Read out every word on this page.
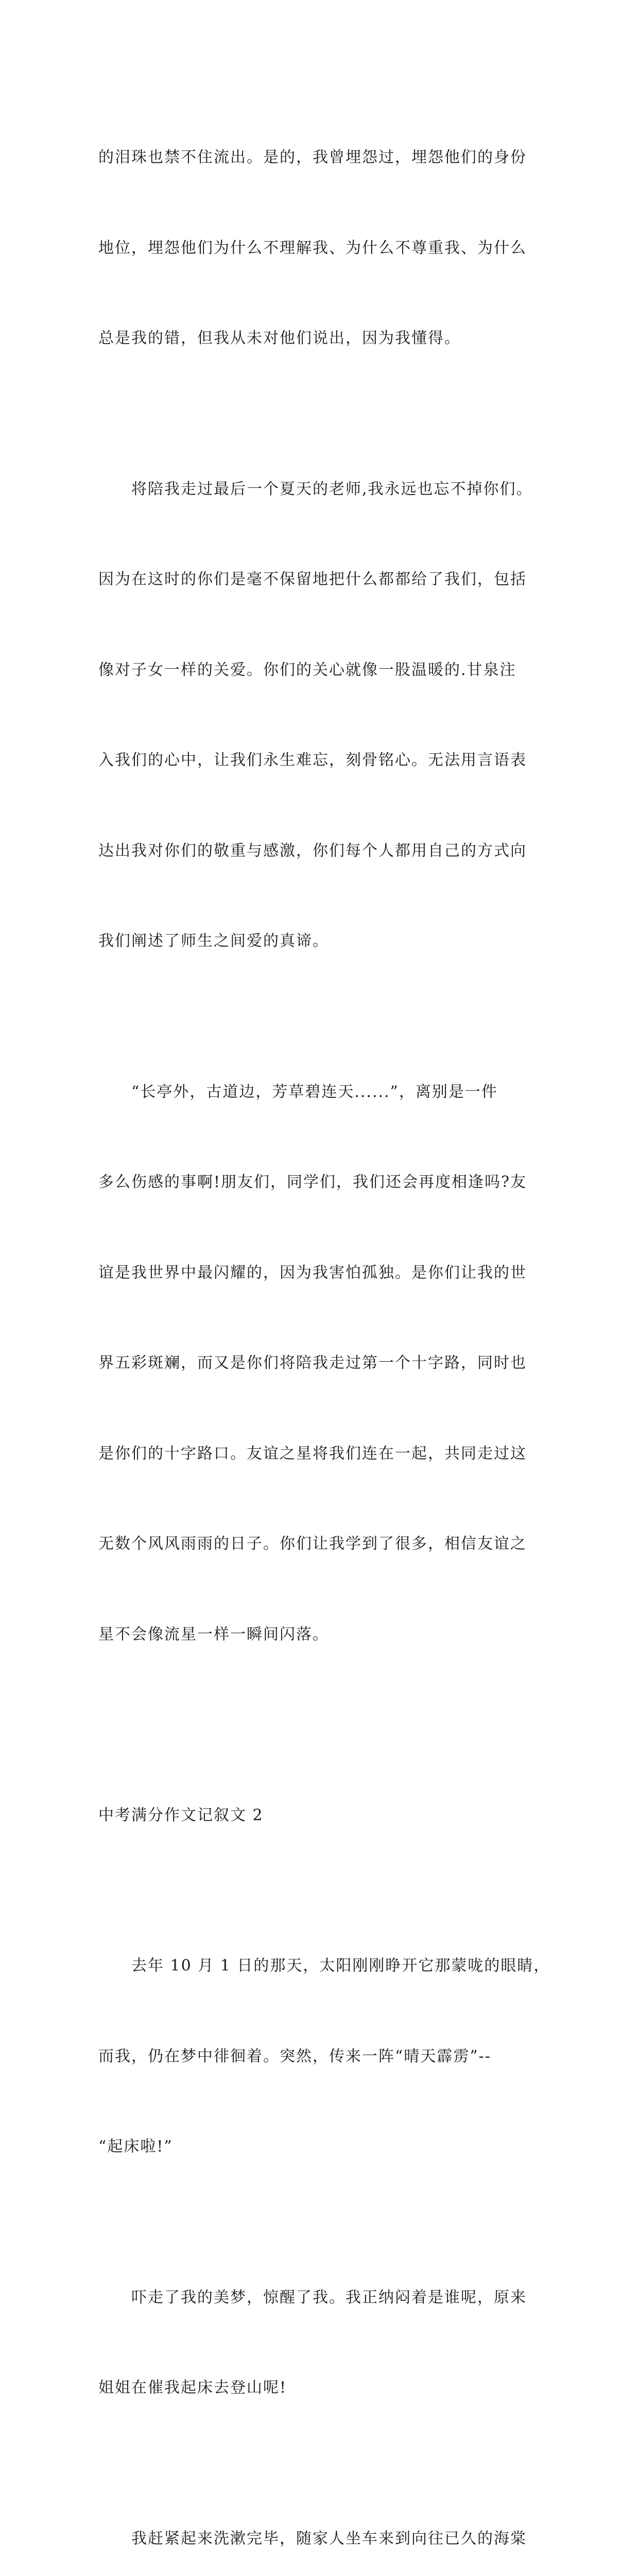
的泪珠也禁不住流出。是的，我曾埋怨过，埋怨他们的身份

地位，埋怨他们为什么不理解我、为什么不尊重我、为什么

总是我的错，但我从未对他们说出，因为我懂得。

　　将陪我走过最后一个夏天的老师,我永远也忘不掉你们。

因为在这时的你们是毫不保留地把什么都都给了我们，包括

像对子女一样的关爱。你们的关心就像一股温暖的.甘泉注

入我们的心中，让我们永生难忘，刻骨铭心。无法用言语表

达出我对你们的敬重与感激，你们每个人都用自己的方式向

我们阐述了师生之间爱的真谛。

　　“长亭外，古道边，芳草碧连天......”，离别是一件

多么伤感的事啊!朋友们，同学们，我们还会再度相逢吗?友

谊是我世界中最闪耀的，因为我害怕孤独。是你们让我的世

界五彩斑斓，而又是你们将陪我走过第一个十字路，同时也

是你们的十字路口。友谊之星将我们连在一起，共同走过这

无数个风风雨雨的日子。你们让我学到了很多，相信友谊之

星不会像流星一样一瞬间闪落。

中考满分作文记叙文 2

　　去年 10 月 1 日的那天，太阳刚刚睁开它那蒙咙的眼睛，

而我，仍在梦中徘徊着。突然，传来一阵“晴天霹雳”--

“起床啦!”

　　吓走了我的美梦，惊醒了我。我正纳闷着是谁呢，原来

姐姐在催我起床去登山呢!

　　我赶紧起来洗漱完毕，随家人坐车来到向往已久的海棠
